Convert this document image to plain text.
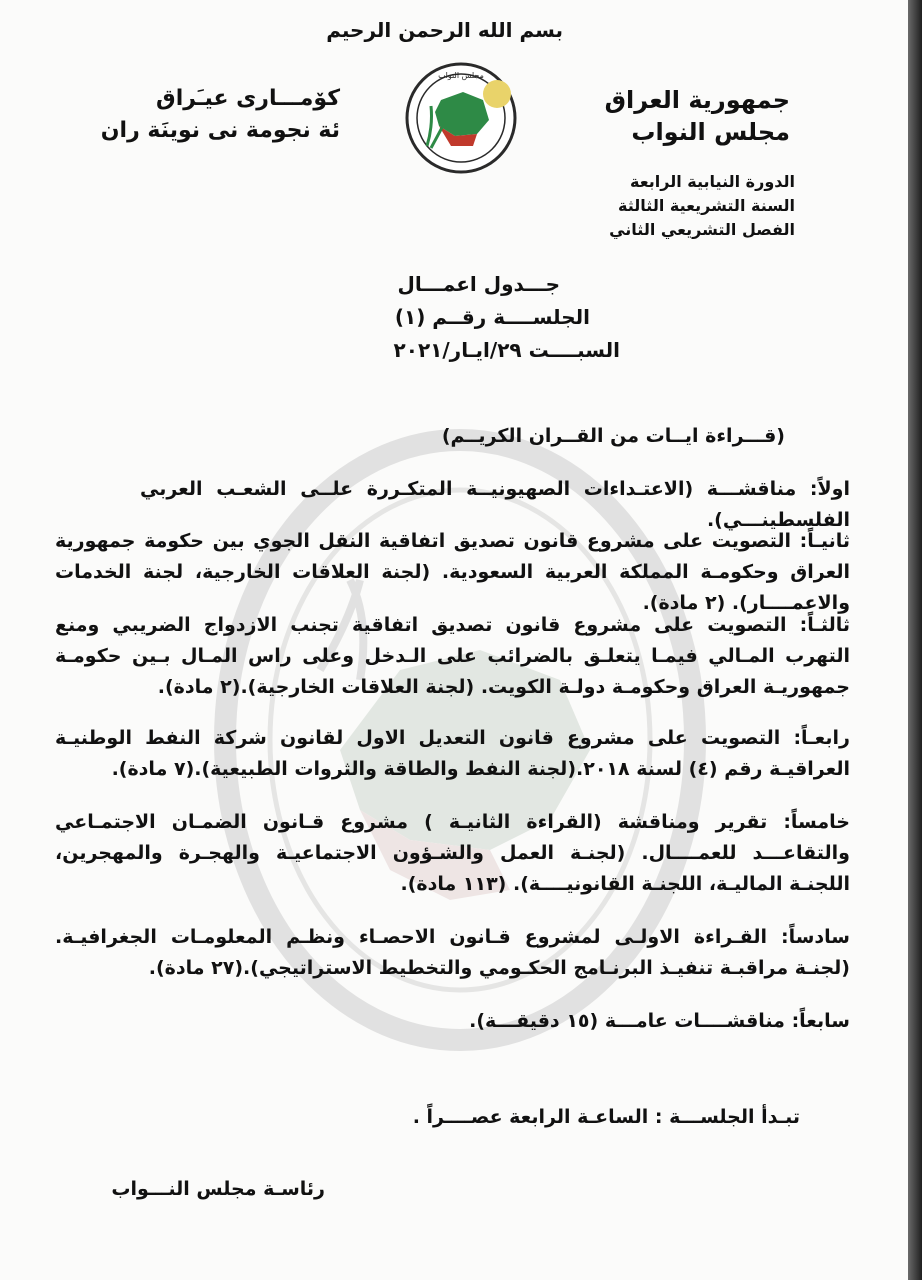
بسم الله الرحمن الرحيم
جمهورية العراق
مجلس النواب
كۆمـــارى عيـَراق
ئة نجومة نى نوينَة ران
مجلس النواب
الدورة النيابية الرابعة
السنة التشريعية الثالثة
الفصل التشريعي الثاني
جـــدول اعمـــال
الجلســــة رقــم (١)
السبــــت ٢٩/ايـار/٢٠٢١
(قـــراءة ايــات من القــران الكريــم)

اولاً: مناقشـــة (الاعتـداءات الصهيونيــة المتكـررة علــى الشعـب العربي الفلسطينـــي).

ثانيـاً: التصويت على مشروع قانون تصديق اتفاقية النقل الجوي بين حكومة جمهورية العراق وحكومـة المملكة العربية السعودية. (لجنة العلاقات الخارجية، لجنة الخدمات والاعمــــار). (٢ مادة).

ثالثـاً: التصويت على مشروع قانون تصديق اتفاقية تجنب الازدواج الضريبي ومنع التهرب المـالي فيمـا يتعلـق بالضرائب على الـدخل وعلى راس المـال بـين حكومـة جمهوريـة العراق وحكومـة دولـة الكويت. (لجنة العلاقات الخارجية).(٢ مادة).

رابعـاً: التصويت على مشروع قانون التعديل الاول لقانون شركة النفط الوطنيـة العراقيـة رقم (٤) لسنة ٢٠١٨.(لجنة النفط والطاقة والثروات الطبيعية).(٧ مادة).

خامساً: تقرير ومناقشة (القراءة الثانيـة ) مشروع قـانون الضمـان الاجتمـاعي والتقاعـــد للعمــــال. (لجنـة العمل والشـؤون الاجتماعيـة والهجـرة والمهجرين، اللجنـة الماليـة، اللجنـة القانونيــــة). (١١٣ مادة).

سادساً: القـراءة الاولـى لمشروع قـانون الاحصـاء ونظـم المعلومـات الجغرافيـة. (لجنـة مراقبـة تنفيـذ البرنـامج الحكـومي والتخطيط الاستراتيجي).(٢٧ مادة).

سابعاً: مناقشــــات عامـــة (١٥ دقيقـــة).

تبـدأ الجلســـة : الساعـة الرابعة عصــــراً .
رئاسـة مجلس النـــواب
